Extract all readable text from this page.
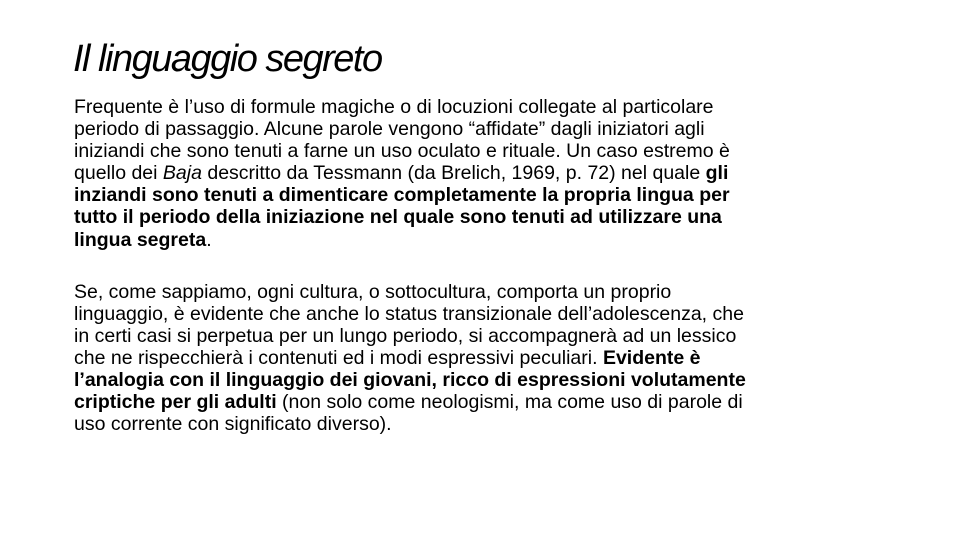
Il linguaggio segreto

Frequente è l’uso di formule magiche o di locuzioni collegate al particolare
periodo di passaggio. Alcune parole vengono “affidate” dagli iniziatori agli
iniziandi che sono tenuti a farne un uso oculato e rituale. Un caso estremo è
quello dei Baja descritto da Tessmann (da Brelich, 1969, p. 72) nel quale gli
inziandi sono tenuti a dimenticare completamente la propria lingua per
tutto il periodo della iniziazione nel quale sono tenuti ad utilizzare una
lingua segreta.

Se, come sappiamo, ogni cultura, o sottocultura, comporta un proprio
linguaggio, è evidente che anche lo status transizionale dell’adolescenza, che
in certi casi si perpetua per un lungo periodo, si accompagnerà ad un lessico
che ne rispecchierà i contenuti ed i modi espressivi peculiari. Evidente è
l’analogia con il linguaggio dei giovani, ricco di espressioni volutamente
criptiche per gli adulti (non solo come neologismi, ma come uso di parole di
uso corrente con significato diverso).
